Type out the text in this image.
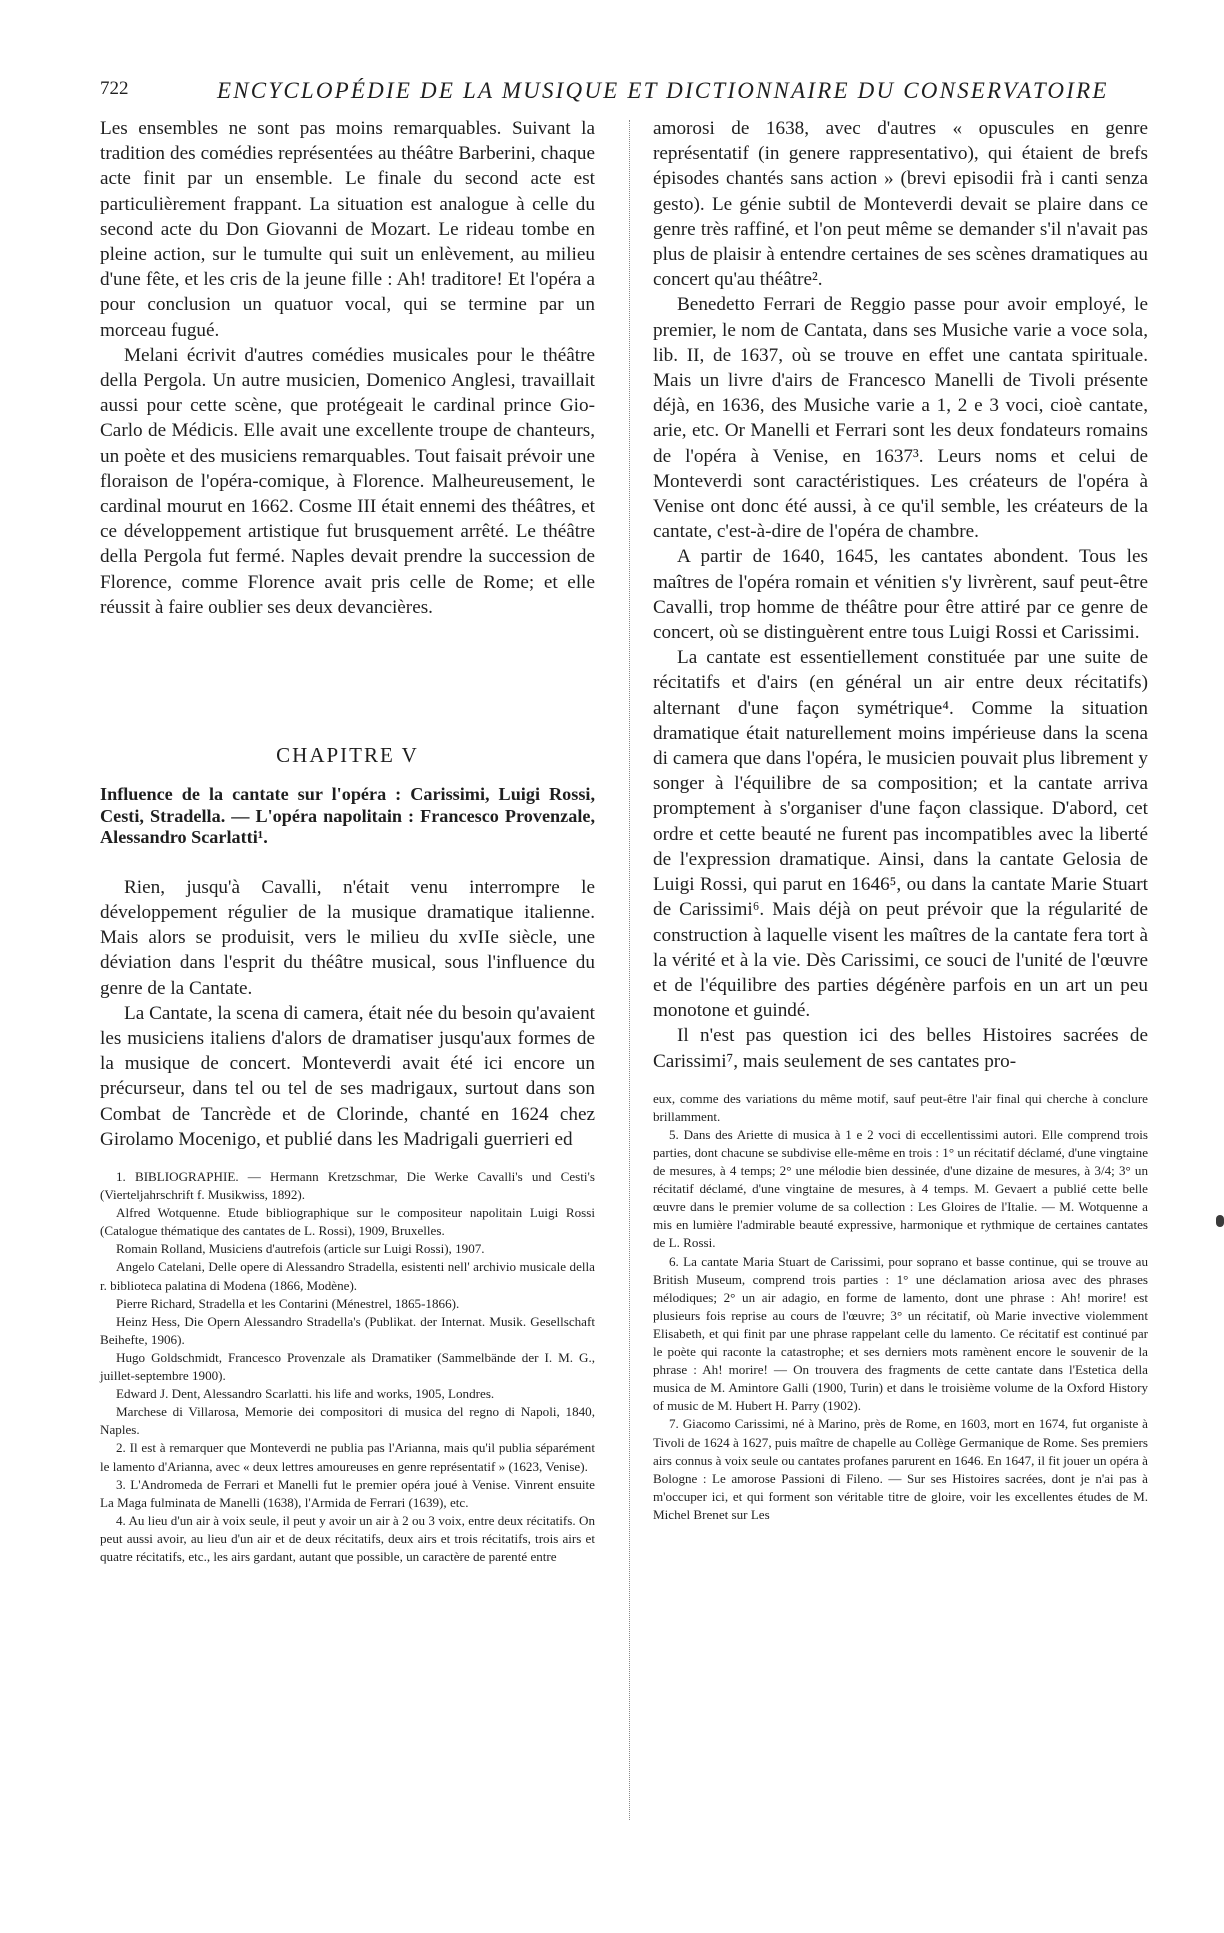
722	ENCYCLOPÉDIE DE LA MUSIQUE ET DICTIONNAIRE DU CONSERVATOIRE

Les ensembles ne sont pas moins remarquables. Suivant la tradition des comédies représentées au théâtre Barberini, chaque acte finit par un ensemble. Le finale du second acte est particulièrement frappant. La situation est analogue à celle du second acte du Don Giovanni de Mozart. Le rideau tombe en pleine action, sur le tumulte qui suit un enlèvement, au milieu d'une fête, et les cris de la jeune fille : Ah! traditore! Et l'opéra a pour conclusion un quatuor vocal, qui se termine par un morceau fugué.

Melani écrivit d'autres comédies musicales pour le théâtre della Pergola. Un autre musicien, Domenico Anglesi, travaillait aussi pour cette scène, que protégeait le cardinal prince Gio-Carlo de Médicis. Elle avait une excellente troupe de chanteurs, un poète et des musiciens remarquables. Tout faisait prévoir une floraison de l'opéra-comique, à Florence. Malheureusement, le cardinal mourut en 1662. Cosme III était ennemi des théâtres, et ce développement artistique fut brusquement arrêté. Le théâtre della Pergola fut fermé. Naples devait prendre la succession de Florence, comme Florence avait pris celle de Rome; et elle réussit à faire oublier ses deux devancières.

CHAPITRE V

Influence de la cantate sur l'opéra : Carissimi, Luigi Rossi, Cesti, Stradella. — L'opéra napolitain : Francesco Provenzale, Alessandro Scarlatti¹.

Rien, jusqu'à Cavalli, n'était venu interrompre le développement régulier de la musique dramatique italienne. Mais alors se produisit, vers le milieu du xvIIe siècle, une déviation dans l'esprit du théâtre musical, sous l'influence du genre de la Cantate.

La Cantate, la scena di camera, était née du besoin qu'avaient les musiciens italiens d'alors de dramatiser jusqu'aux formes de la musique de concert. Monteverdi avait été ici encore un précurseur, dans tel ou tel de ses madrigaux, surtout dans son Combat de Tancrède et de Clorinde, chanté en 1624 chez Girolamo Mocenigo, et publié dans les Madrigali guerrieri ed

1. BIBLIOGRAPHIE. — Hermann Kretzschmar, Die Werke Cavalli's und Cesti's (Vierteljahrschrift f. Musikwiss, 1892).

Alfred Wotquenne. Etude bibliographique sur le compositeur napolitain Luigi Rossi (Catalogue thématique des cantates de L. Rossi), 1909, Bruxelles.

Romain Rolland, Musiciens d'autrefois (article sur Luigi Rossi), 1907.

Angelo Catelani, Delle opere di Alessandro Stradella, esistenti nell' archivio musicale della r. biblioteca palatina di Modena (1866, Modène).

Pierre Richard, Stradella et les Contarini (Ménestrel, 1865-1866).

Heinz Hess, Die Opern Alessandro Stradella's (Publikat. der Internat. Musik. Gesellschaft Beihefte, 1906).

Hugo Goldschmidt, Francesco Provenzale als Dramatiker (Sammelbände der I. M. G., juillet-septembre 1900).

Edward J. Dent, Alessandro Scarlatti. his life and works, 1905, Londres.

Marchese di Villarosa, Memorie dei compositori di musica del regno di Napoli, 1840, Naples.

2. Il est à remarquer que Monteverdi ne publia pas l'Arianna, mais qu'il publia séparément le lamento d'Arianna, avec « deux lettres amoureuses en genre représentatif » (1623, Venise).

3. L'Andromeda de Ferrari et Manelli fut le premier opéra joué à Venise. Vinrent ensuite La Maga fulminata de Manelli (1638), l'Armida de Ferrari (1639), etc.

4. Au lieu d'un air à voix seule, il peut y avoir un air à 2 ou 3 voix, entre deux récitatifs. On peut aussi avoir, au lieu d'un air et de deux récitatifs, deux airs et trois récitatifs, trois airs et quatre récitatifs, etc., les airs gardant, autant que possible, un caractère de parenté entre

amorosi de 1638, avec d'autres « opuscules en genre représentatif (in genere rappresentativo), qui étaient de brefs épisodes chantés sans action » (brevi episodii frà i canti senza gesto). Le génie subtil de Monteverdi devait se plaire dans ce genre très raffiné, et l'on peut même se demander s'il n'avait pas plus de plaisir à entendre certaines de ses scènes dramatiques au concert qu'au théâtre².

Benedetto Ferrari de Reggio passe pour avoir employé, le premier, le nom de Cantata, dans ses Musiche varie a voce sola, lib. II, de 1637, où se trouve en effet une cantata spirituale. Mais un livre d'airs de Francesco Manelli de Tivoli présente déjà, en 1636, des Musiche varie a 1, 2 e 3 voci, cioè cantate, arie, etc. Or Manelli et Ferrari sont les deux fondateurs romains de l'opéra à Venise, en 1637³. Leurs noms et celui de Monteverdi sont caractéristiques. Les créateurs de l'opéra à Venise ont donc été aussi, à ce qu'il semble, les créateurs de la cantate, c'est-à-dire de l'opéra de chambre.

A partir de 1640, 1645, les cantates abondent. Tous les maîtres de l'opéra romain et vénitien s'y livrèrent, sauf peut-être Cavalli, trop homme de théâtre pour être attiré par ce genre de concert, où se distinguèrent entre tous Luigi Rossi et Carissimi.

La cantate est essentiellement constituée par une suite de récitatifs et d'airs (en général un air entre deux récitatifs) alternant d'une façon symétrique⁴. Comme la situation dramatique était naturellement moins impérieuse dans la scena di camera que dans l'opéra, le musicien pouvait plus librement y songer à l'équilibre de sa composition; et la cantate arriva promptement à s'organiser d'une façon classique. D'abord, cet ordre et cette beauté ne furent pas incompatibles avec la liberté de l'expression dramatique. Ainsi, dans la cantate Gelosia de Luigi Rossi, qui parut en 1646⁵, ou dans la cantate Marie Stuart de Carissimi⁶. Mais déjà on peut prévoir que la régularité de construction à laquelle visent les maîtres de la cantate fera tort à la vérité et à la vie. Dès Carissimi, ce souci de l'unité de l'œuvre et de l'équilibre des parties dégénère parfois en un art un peu monotone et guindé.

Il n'est pas question ici des belles Histoires sacrées de Carissimi⁷, mais seulement de ses cantates pro-

eux, comme des variations du même motif, sauf peut-être l'air final qui cherche à conclure brillamment.

5. Dans des Ariette di musica à 1 e 2 voci di eccellentissimi autori. Elle comprend trois parties, dont chacune se subdivise elle-même en trois : 1° un récitatif déclamé, d'une vingtaine de mesures, à 4 temps; 2° une mélodie bien dessinée, d'une dizaine de mesures, à 3/4; 3° un récitatif déclamé, d'une vingtaine de mesures, à 4 temps. M. Gevaert a publié cette belle œuvre dans le premier volume de sa collection : Les Gloires de l'Italie. — M. Wotquenne a mis en lumière l'admirable beauté expressive, harmonique et rythmique de certaines cantates de L. Rossi.

6. La cantate Maria Stuart de Carissimi, pour soprano et basse continue, qui se trouve au British Museum, comprend trois parties : 1° une déclamation ariosa avec des phrases mélodiques; 2° un air adagio, en forme de lamento, dont une phrase : Ah! morire! est plusieurs fois reprise au cours de l'œuvre; 3° un récitatif, où Marie invective violemment Elisabeth, et qui finit par une phrase rappelant celle du lamento. Ce récitatif est continué par le poète qui raconte la catastrophe; et ses derniers mots ramènent encore le souvenir de la phrase : Ah! morire! — On trouvera des fragments de cette cantate dans l'Estetica della musica de M. Amintore Galli (1900, Turin) et dans le troisième volume de la Oxford History of music de M. Hubert H. Parry (1902).

7. Giacomo Carissimi, né à Marino, près de Rome, en 1603, mort en 1674, fut organiste à Tivoli de 1624 à 1627, puis maître de chapelle au Collège Germanique de Rome. Ses premiers airs connus à voix seule ou cantates profanes parurent en 1646. En 1647, il fit jouer un opéra à Bologne : Le amorose Passioni di Fileno. — Sur ses Histoires sacrées, dont je n'ai pas à m'occuper ici, et qui forment son véritable titre de gloire, voir les excellentes études de M. Michel Brenet sur Les
